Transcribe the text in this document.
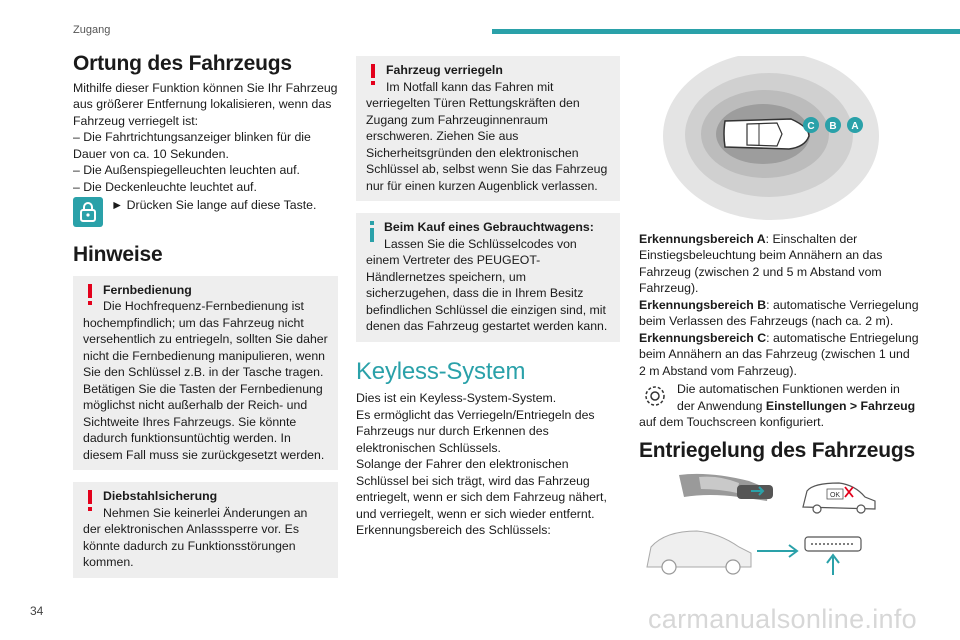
Zugang
Ortung des Fahrzeugs

Mithilfe dieser Funktion können Sie Ihr Fahrzeug aus größerer Entfernung lokalisieren, wenn das Fahrzeug verriegelt ist:

– Die Fahrtrichtungsanzeiger blinken für die Dauer von ca. 10 Sekunden.

– Die Außenspiegelleuchten leuchten auf.

– Die Deckenleuchte leuchtet auf.

► Drücken Sie lange auf diese Taste.

Hinweise
Fernbedienung
Die Hochfrequenz-Fernbedienung ist hochempfindlich; um das Fahrzeug nicht versehentlich zu entriegeln, sollten Sie daher nicht die Fernbedienung manipulieren, wenn Sie den Schlüssel z.B. in der Tasche tragen. Betätigen Sie die Tasten der Fernbedienung möglichst nicht außerhalb der Reich- und Sichtweite Ihres Fahrzeugs. Sie könnte dadurch funktionsuntüchtig werden. In diesem Fall muss sie zurückgesetzt werden.
Diebstahlsicherung
Nehmen Sie keinerlei Änderungen an der elektronischen Anlasssperre vor. Es könnte dadurch zu Funktionsstörungen kommen.
Fahrzeug verriegeln
Im Notfall kann das Fahren mit verriegelten Türen Rettungskräften den Zugang zum Fahrzeuginnenraum erschweren. Ziehen Sie aus Sicherheitsgründen den elektronischen Schlüssel ab, selbst wenn Sie das Fahrzeug nur für einen kurzen Augenblick verlassen.
Beim Kauf eines Gebrauchtwagens:
Lassen Sie die Schlüsselcodes von einem Vertreter des PEUGEOT-Händlernetzes speichern, um sicherzugehen, dass die in Ihrem Besitz befindlichen Schlüssel die einzigen sind, mit denen das Fahrzeug gestartet werden kann.
Keyless-System

Dies ist ein Keyless-System-System.

Es ermöglicht das Verriegeln/Entriegeln des Fahrzeugs nur durch Erkennen des elektronischen Schlüssels.

Solange der Fahrer den elektronischen Schlüssel bei sich trägt, wird das Fahrzeug entriegelt, wenn er sich dem Fahrzeug nähert, und verriegelt, wenn er sich wieder entfernt.

Erkennungsbereich des Schlüssels:

C B A

Erkennungsbereich A: Einschalten der Einstiegsbeleuchtung beim Annähern an das Fahrzeug (zwischen 2 und 5 m Abstand vom Fahrzeug).

Erkennungsbereich B: automatische Verriegelung beim Verlassen des Fahrzeugs (nach ca. 2 m).

Erkennungsbereich C: automatische Entriegelung beim Annähern an das Fahrzeug (zwischen 1 und 2 m Abstand vom Fahrzeug).

Die automatischen Funktionen werden in der Anwendung Einstellungen > Fahrzeug auf dem Touchscreen konfiguriert.
Entriegelung des Fahrzeugs
OK
34	carmanualsonline.info
